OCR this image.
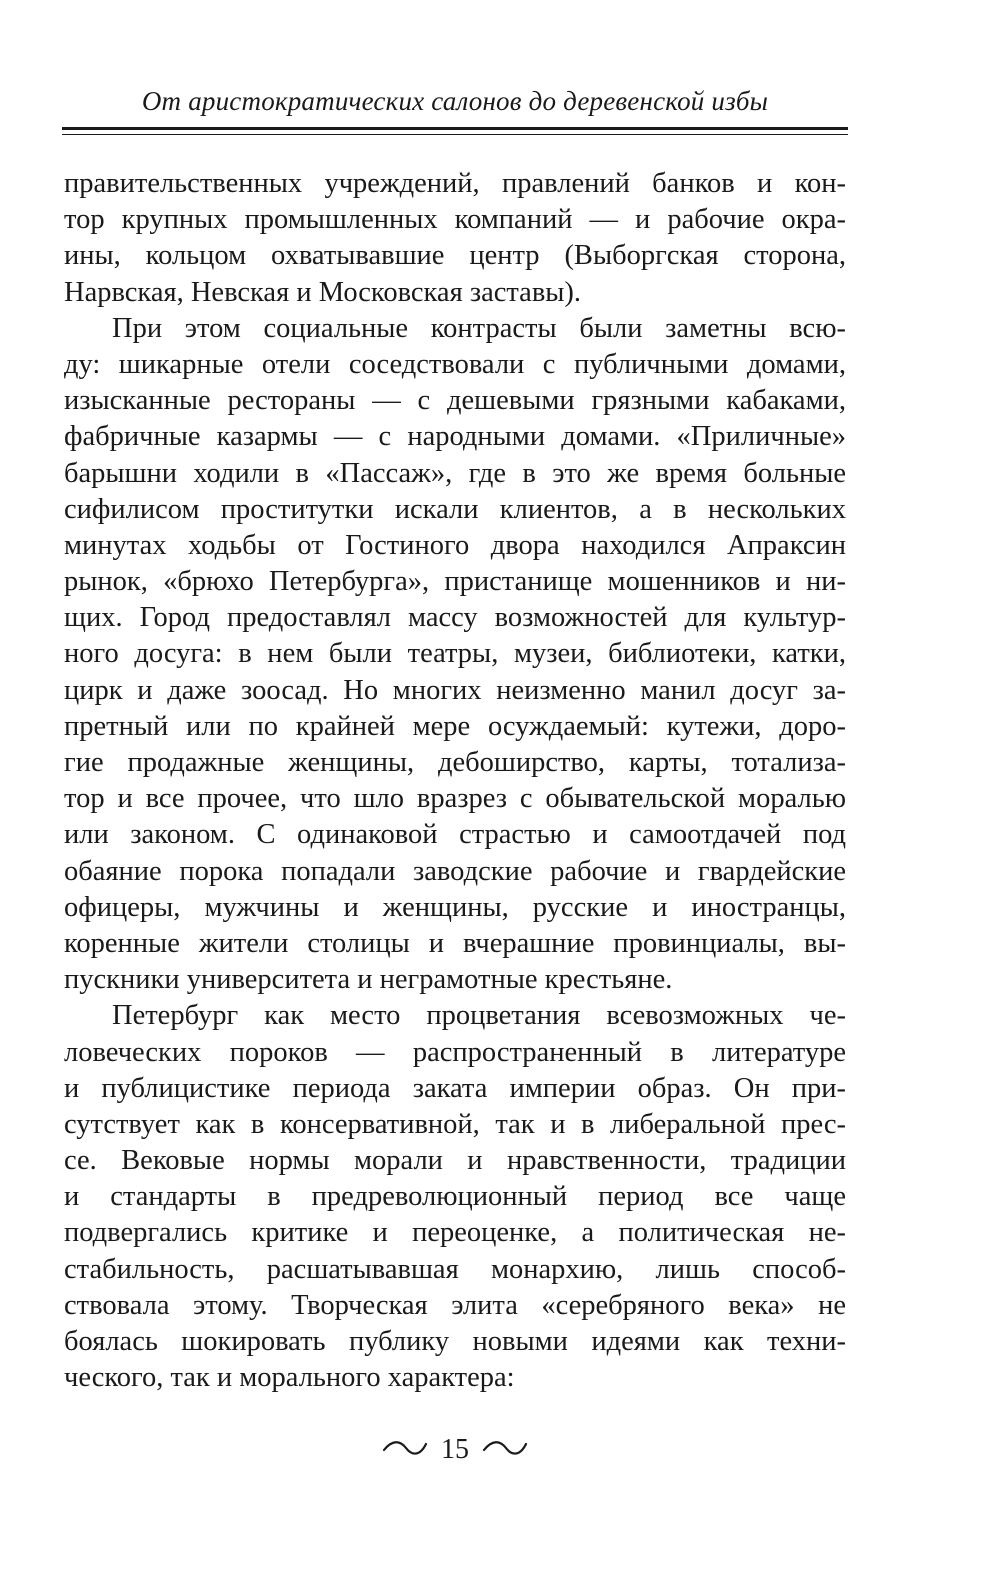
От аристократических салонов до деревенской избы
правительственных учреждений, правлений банков и кон-
тор крупных промышленных компаний — и рабочие окра-
ины, кольцом охватывавшие центр (Выборгская сторона,
Нарвская, Невская и Московская заставы).
При этом социальные контрасты были заметны всю-
ду: шикарные отели соседствовали с публичными домами,
изысканные рестораны — с дешевыми грязными кабаками,
фабричные казармы — с народными домами. «Приличные»
барышни ходили в «Пассаж», где в это же время больные
сифилисом проститутки искали клиентов, а в нескольких
минутах ходьбы от Гостиного двора находился Апраксин
рынок, «брюхо Петербурга», пристанище мошенников и ни-
щих. Город предоставлял массу возможностей для культур-
ного досуга: в нем были театры, музеи, библиотеки, катки,
цирк и даже зоосад. Но многих неизменно манил досуг за-
претный или по крайней мере осуждаемый: кутежи, доро-
гие продажные женщины, дебоширство, карты, тотализа-
тор и все прочее, что шло вразрез с обывательской моралью
или законом. С одинаковой страстью и самоотдачей под
обаяние порока попадали заводские рабочие и гвардейские
офицеры, мужчины и женщины, русские и иностранцы,
коренные жители столицы и вчерашние провинциалы, вы-
пускники университета и неграмотные крестьяне.
Петербург как место процветания всевозможных че-
ловеческих пороков — распространенный в литературе
и публицистике периода заката империи образ. Он при-
сутствует как в консервативной, так и в либеральной прес-
се. Вековые нормы морали и нравственности, традиции
и стандарты в предреволюционный период все чаще
подвергались критике и переоценке, а политическая не-
стабильность, расшатывавшая монархию, лишь способ-
ствовала этому. Творческая элита «серебряного века» не
боялась шокировать публику новыми идеями как техни-
ческого, так и морального характера:
15
